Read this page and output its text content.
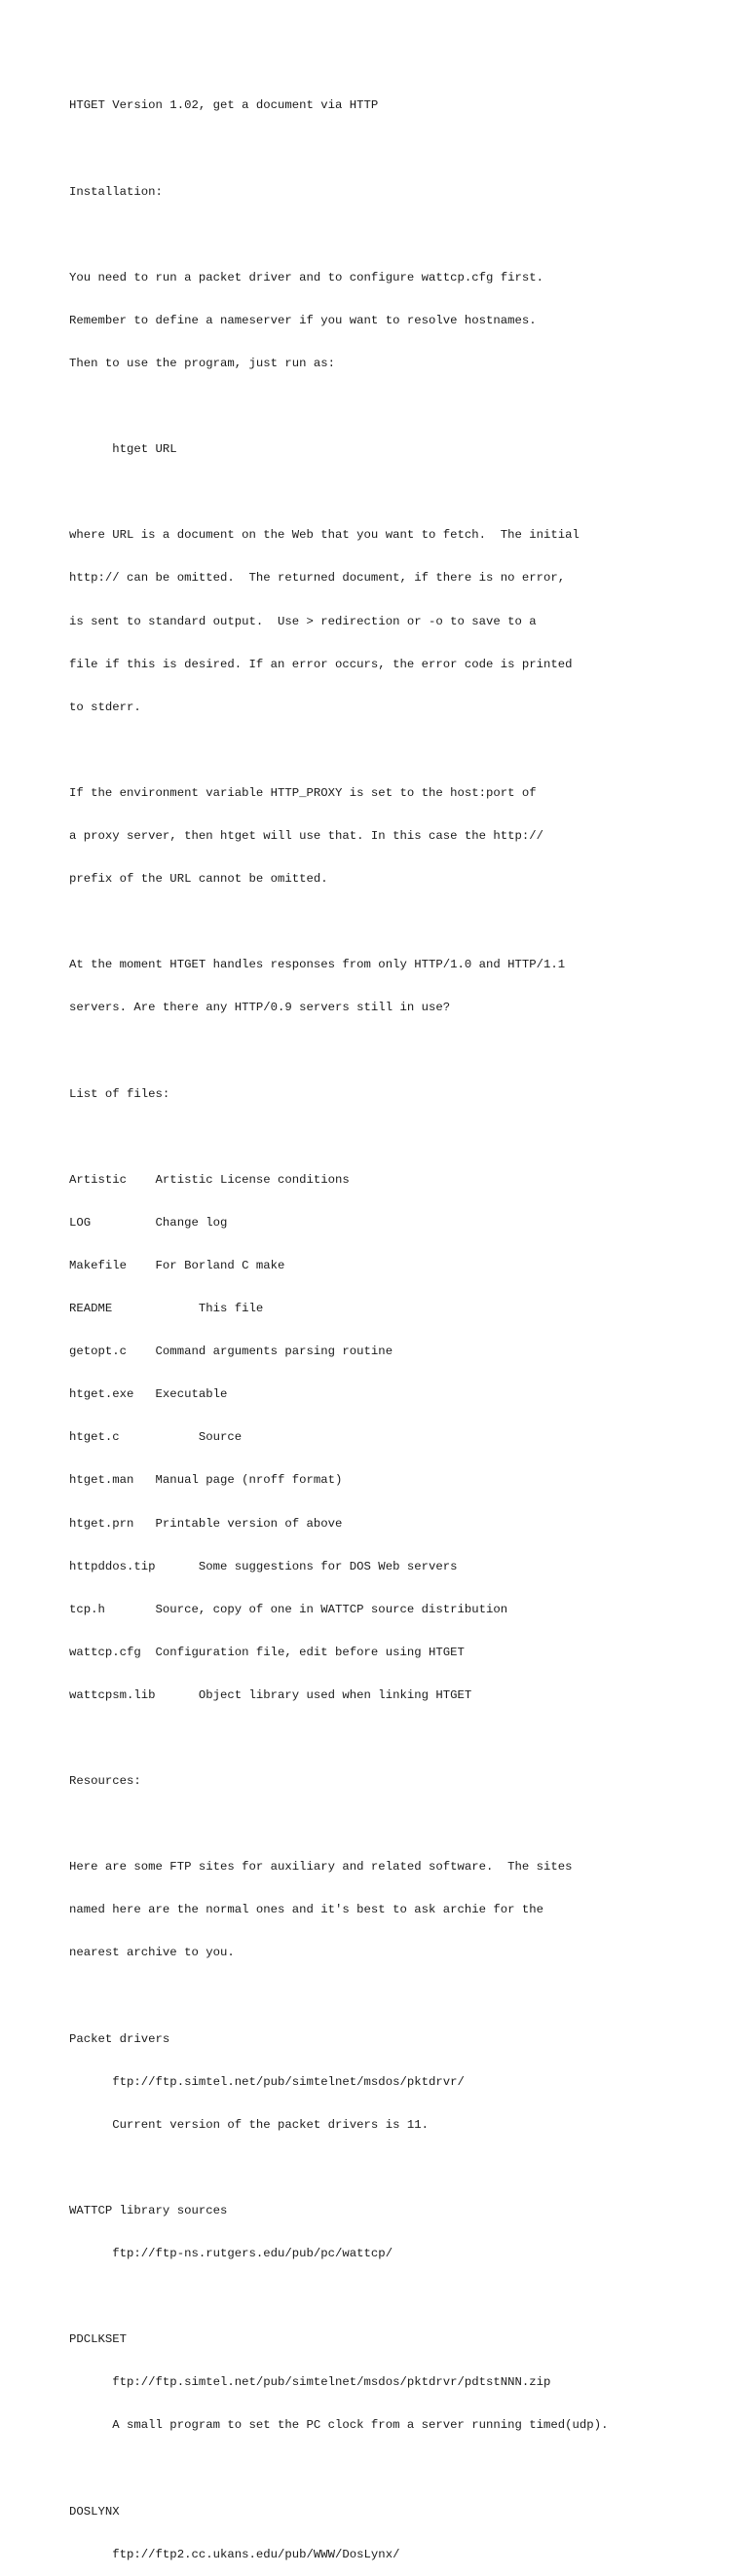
HTGET Version 1.02, get a document via HTTP

Installation:

You need to run a packet driver and to configure wattcp.cfg first.

Remember to define a nameserver if you want to resolve hostnames.

Then to use the program, just run as:

htget URL

where URL is a document on the Web that you want to fetch.  The initial

http:// can be omitted.  The returned document, if there is no error,

is sent to standard output.  Use > redirection or -o to save to a

file if this is desired. If an error occurs, the error code is printed

to stderr.

If the environment variable HTTP_PROXY is set to the host:port of

a proxy server, then htget will use that. In this case the http://

prefix of the URL cannot be omitted.

At the moment HTGET handles responses from only HTTP/1.0 and HTTP/1.1

servers. Are there any HTTP/0.9 servers still in use?

List of files:

Artistic    Artistic License conditions

LOG         Change log

Makefile    For Borland C make

README            This file

getopt.c    Command arguments parsing routine

htget.exe   Executable

htget.c           Source

htget.man   Manual page (nroff format)

htget.prn   Printable version of above

httpddos.tip      Some suggestions for DOS Web servers

tcp.h       Source, copy of one in WATTCP source distribution

wattcp.cfg  Configuration file, edit before using HTGET

wattcpsm.lib      Object library used when linking HTGET

Resources:

Here are some FTP sites for auxiliary and related software.  The sites

named here are the normal ones and it's best to ask archie for the

nearest archive to you.

Packet drivers

ftp://ftp.simtel.net/pub/simtelnet/msdos/pktdrvr/

Current version of the packet drivers is 11.

WATTCP library sources

ftp://ftp-ns.rutgers.edu/pub/pc/wattcp/

PDCLKSET

ftp://ftp.simtel.net/pub/simtelnet/msdos/pktdrvr/pdtstNNN.zip

A small program to set the PC clock from a server running timed(udp).

DOSLYNX

ftp://ftp2.cc.ukans.edu/pub/WWW/DosLynx/
